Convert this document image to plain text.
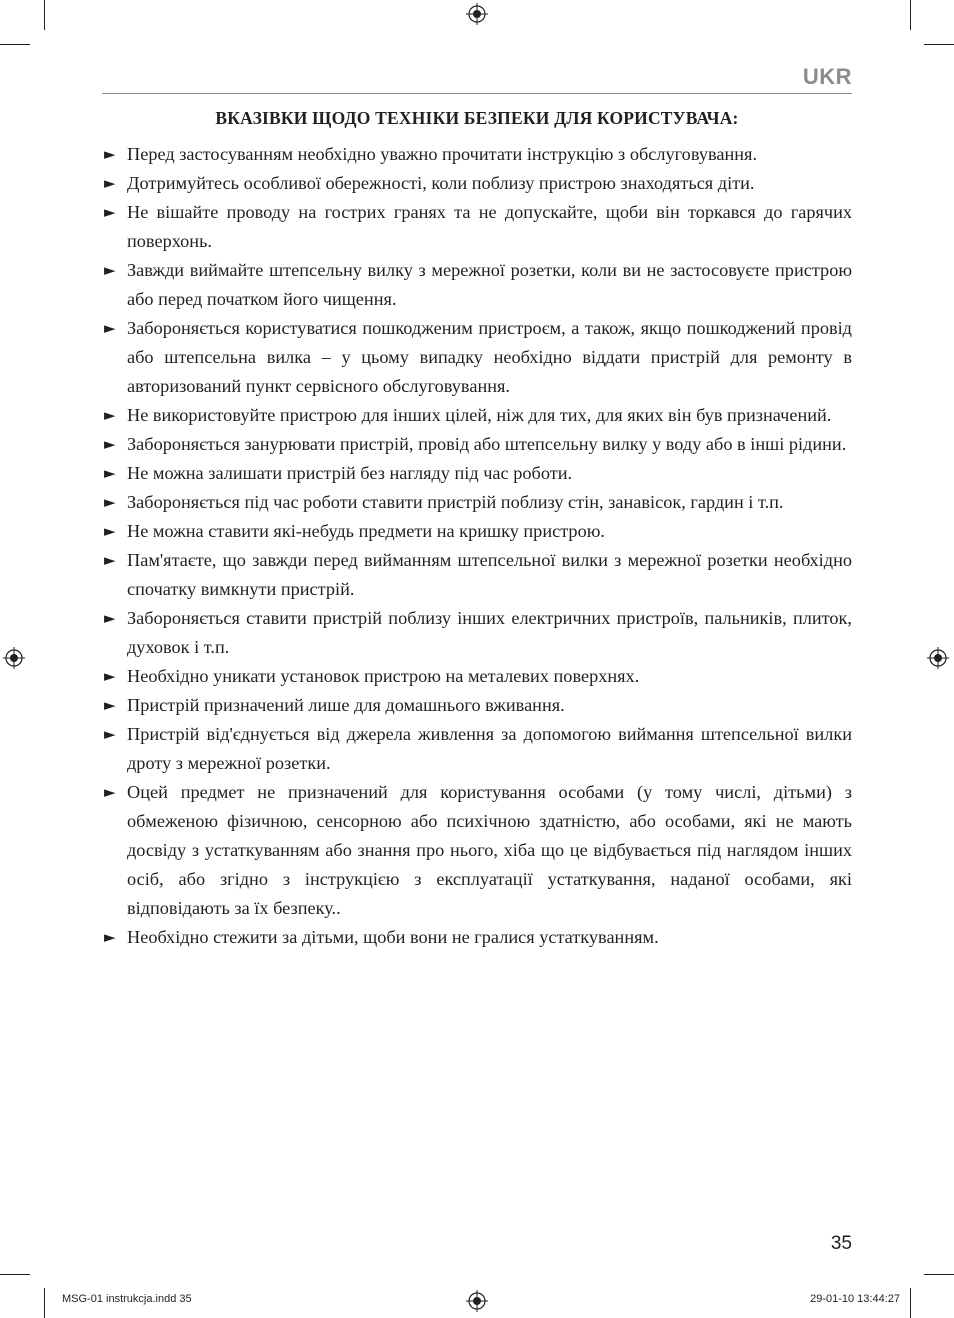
UKR
ВКАЗІВКИ ЩОДО ТЕХНІКИ БЕЗПЕКИ ДЛЯ КОРИСТУВАЧА:
► Перед застосуванням необхідно уважно прочитати інструкцію з обслуговування.
► Дотримуйтесь особливої обережності, коли поблизу пристрою знаходяться діти.
► Не вішайте проводу на гострих гранях та не допускайте, щоби він торкався до гарячих поверхонь.
► Завжди виймайте штепсельну вилку з мережної розетки, коли ви не застосовуєте пристрою або перед початком його чищення.
► Забороняється користуватися пошкодженим пристроєм, а також, якщо пошкоджений провід або штепсельна вилка – у цьому випадку необхідно віддати пристрій для ремонту в авторизований пункт сервісного обслуговування.
► Не використовуйте пристрою для інших цілей, ніж для тих, для яких він був призначений.
► Забороняється занурювати пристрій, провід або штепсельну вилку у воду або в інші рідини.
► Не можна залишати пристрій без нагляду під час роботи.
► Забороняється під час роботи ставити пристрій поблизу стін, занавісок, гардин і т.п.
► Не можна ставити які-небудь предмети на кришку пристрою.
► Пам'ятаєте, що завжди перед вийманням штепсельної вилки з мережної розетки необхідно спочатку вимкнути пристрій.
► Забороняється ставити пристрій поблизу інших електричних пристроїв, пальників, плиток, духовок і т.п.
► Необхідно уникати установок пристрою на металевих поверхнях.
► Пристрій призначений лише для домашнього вживання.
► Пристрій від'єднується від джерела живлення за допомогою виймання штепсельної вилки дроту з мережної розетки.
► Оцей предмет не призначений для користування особами (у тому числі, дітьми) з обмеженою фізичною, сенсорною або психічною здатністю, або особами, які не мають досвіду з устаткуванням або знання про нього, хіба що це відбувається під наглядом інших осіб, або згідно з інструкцією з експлуатації устаткування, наданої особами, які відповідають за їх безпеку..
► Необхідно стежити за дітьми, щоби вони не гралися устаткуванням.
35
MSG-01 instrukcja.indd 35	29-01-10 13:44:27
